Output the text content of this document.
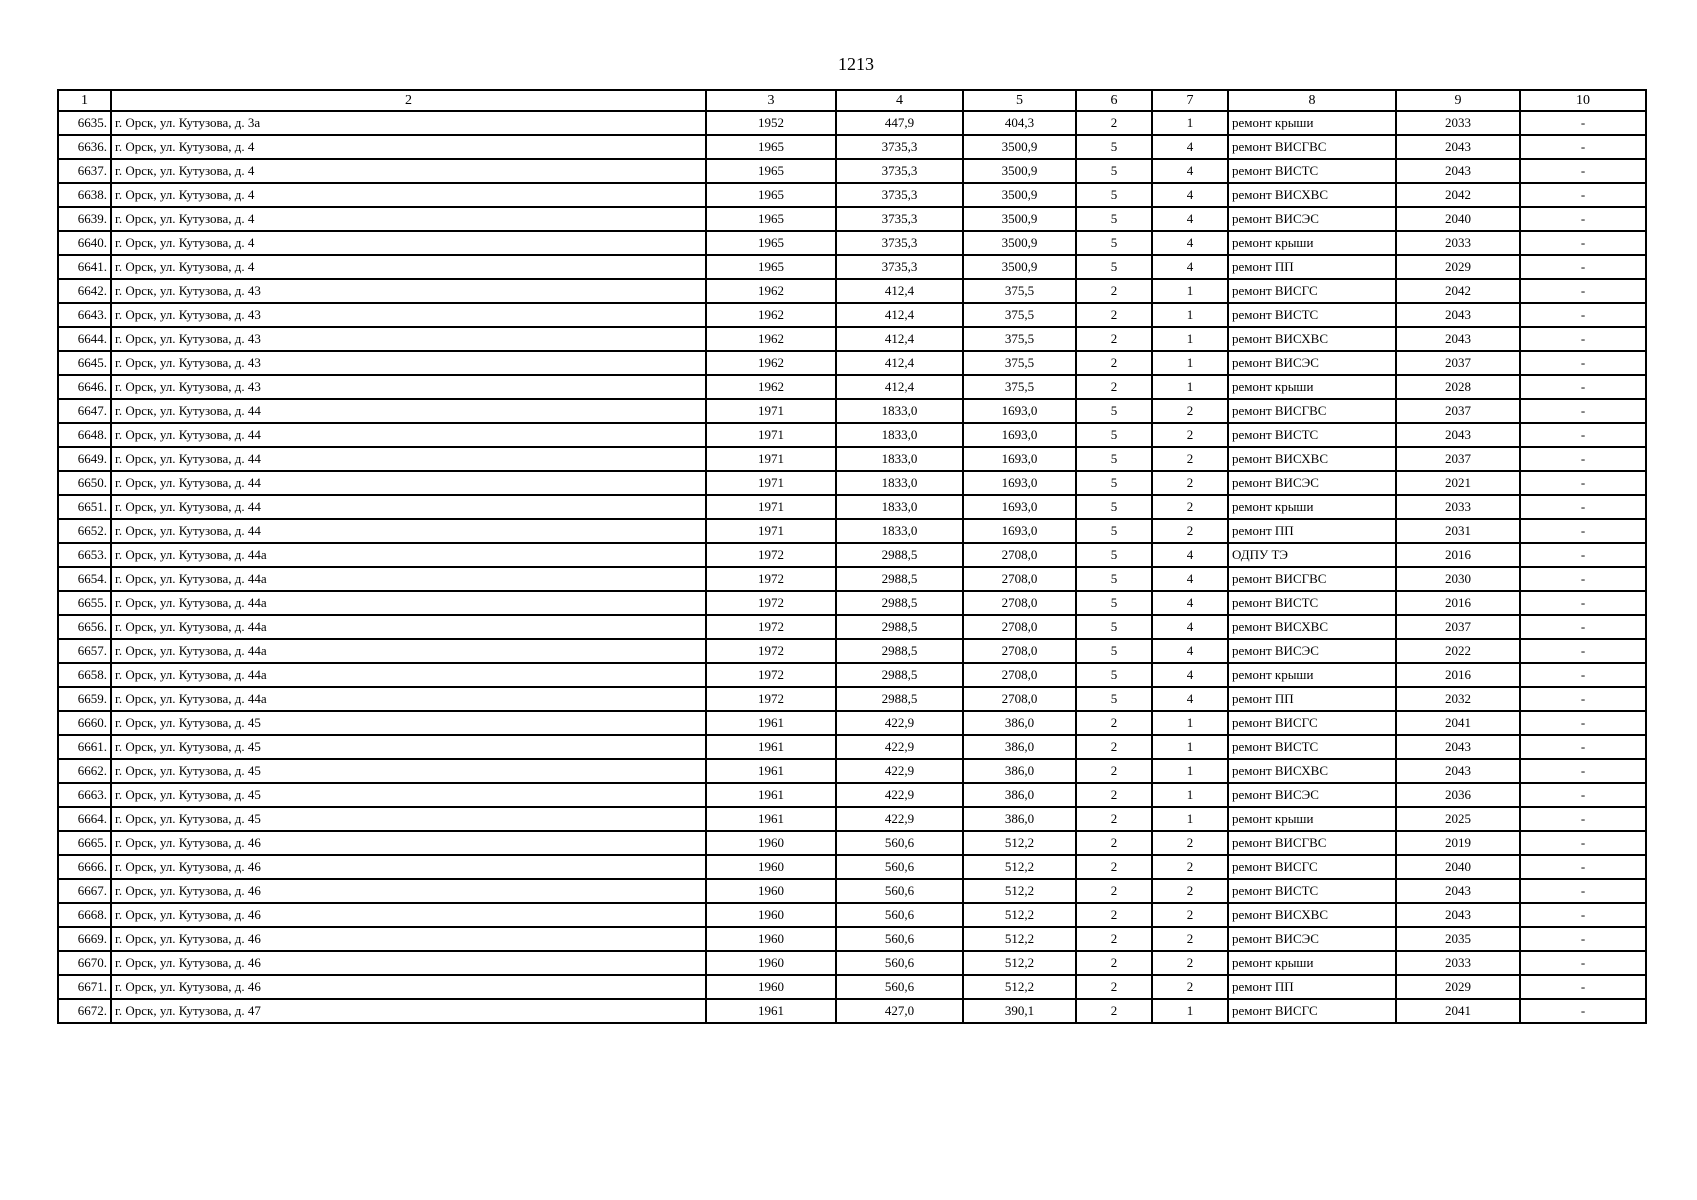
1213
1	2	3	4	5	6	7	8	9	10
6635.	г. Орск, ул. Кутузова, д. 3а	1952	447,9	404,3	2	1	ремонт крыши	2033	-
6636.	г. Орск, ул. Кутузова, д. 4	1965	3735,3	3500,9	5	4	ремонт ВИСГВС	2043	-
6637.	г. Орск, ул. Кутузова, д. 4	1965	3735,3	3500,9	5	4	ремонт ВИСТС	2043	-
6638.	г. Орск, ул. Кутузова, д. 4	1965	3735,3	3500,9	5	4	ремонт ВИСХВС	2042	-
6639.	г. Орск, ул. Кутузова, д. 4	1965	3735,3	3500,9	5	4	ремонт ВИСЭС	2040	-
6640.	г. Орск, ул. Кутузова, д. 4	1965	3735,3	3500,9	5	4	ремонт крыши	2033	-
6641.	г. Орск, ул. Кутузова, д. 4	1965	3735,3	3500,9	5	4	ремонт ПП	2029	-
6642.	г. Орск, ул. Кутузова, д. 43	1962	412,4	375,5	2	1	ремонт ВИСГС	2042	-
6643.	г. Орск, ул. Кутузова, д. 43	1962	412,4	375,5	2	1	ремонт ВИСТС	2043	-
6644.	г. Орск, ул. Кутузова, д. 43	1962	412,4	375,5	2	1	ремонт ВИСХВС	2043	-
6645.	г. Орск, ул. Кутузова, д. 43	1962	412,4	375,5	2	1	ремонт ВИСЭС	2037	-
6646.	г. Орск, ул. Кутузова, д. 43	1962	412,4	375,5	2	1	ремонт крыши	2028	-
6647.	г. Орск, ул. Кутузова, д. 44	1971	1833,0	1693,0	5	2	ремонт ВИСГВС	2037	-
6648.	г. Орск, ул. Кутузова, д. 44	1971	1833,0	1693,0	5	2	ремонт ВИСТС	2043	-
6649.	г. Орск, ул. Кутузова, д. 44	1971	1833,0	1693,0	5	2	ремонт ВИСХВС	2037	-
6650.	г. Орск, ул. Кутузова, д. 44	1971	1833,0	1693,0	5	2	ремонт ВИСЭС	2021	-
6651.	г. Орск, ул. Кутузова, д. 44	1971	1833,0	1693,0	5	2	ремонт крыши	2033	-
6652.	г. Орск, ул. Кутузова, д. 44	1971	1833,0	1693,0	5	2	ремонт ПП	2031	-
6653.	г. Орск, ул. Кутузова, д. 44а	1972	2988,5	2708,0	5	4	ОДПУ ТЭ	2016	-
6654.	г. Орск, ул. Кутузова, д. 44а	1972	2988,5	2708,0	5	4	ремонт ВИСГВС	2030	-
6655.	г. Орск, ул. Кутузова, д. 44а	1972	2988,5	2708,0	5	4	ремонт ВИСТС	2016	-
6656.	г. Орск, ул. Кутузова, д. 44а	1972	2988,5	2708,0	5	4	ремонт ВИСХВС	2037	-
6657.	г. Орск, ул. Кутузова, д. 44а	1972	2988,5	2708,0	5	4	ремонт ВИСЭС	2022	-
6658.	г. Орск, ул. Кутузова, д. 44а	1972	2988,5	2708,0	5	4	ремонт крыши	2016	-
6659.	г. Орск, ул. Кутузова, д. 44а	1972	2988,5	2708,0	5	4	ремонт ПП	2032	-
6660.	г. Орск, ул. Кутузова, д. 45	1961	422,9	386,0	2	1	ремонт ВИСГС	2041	-
6661.	г. Орск, ул. Кутузова, д. 45	1961	422,9	386,0	2	1	ремонт ВИСТС	2043	-
6662.	г. Орск, ул. Кутузова, д. 45	1961	422,9	386,0	2	1	ремонт ВИСХВС	2043	-
6663.	г. Орск, ул. Кутузова, д. 45	1961	422,9	386,0	2	1	ремонт ВИСЭС	2036	-
6664.	г. Орск, ул. Кутузова, д. 45	1961	422,9	386,0	2	1	ремонт крыши	2025	-
6665.	г. Орск, ул. Кутузова, д. 46	1960	560,6	512,2	2	2	ремонт ВИСГВС	2019	-
6666.	г. Орск, ул. Кутузова, д. 46	1960	560,6	512,2	2	2	ремонт ВИСГС	2040	-
6667.	г. Орск, ул. Кутузова, д. 46	1960	560,6	512,2	2	2	ремонт ВИСТС	2043	-
6668.	г. Орск, ул. Кутузова, д. 46	1960	560,6	512,2	2	2	ремонт ВИСХВС	2043	-
6669.	г. Орск, ул. Кутузова, д. 46	1960	560,6	512,2	2	2	ремонт ВИСЭС	2035	-
6670.	г. Орск, ул. Кутузова, д. 46	1960	560,6	512,2	2	2	ремонт крыши	2033	-
6671.	г. Орск, ул. Кутузова, д. 46	1960	560,6	512,2	2	2	ремонт ПП	2029	-
6672.	г. Орск, ул. Кутузова, д. 47	1961	427,0	390,1	2	1	ремонт ВИСГС	2041	-
